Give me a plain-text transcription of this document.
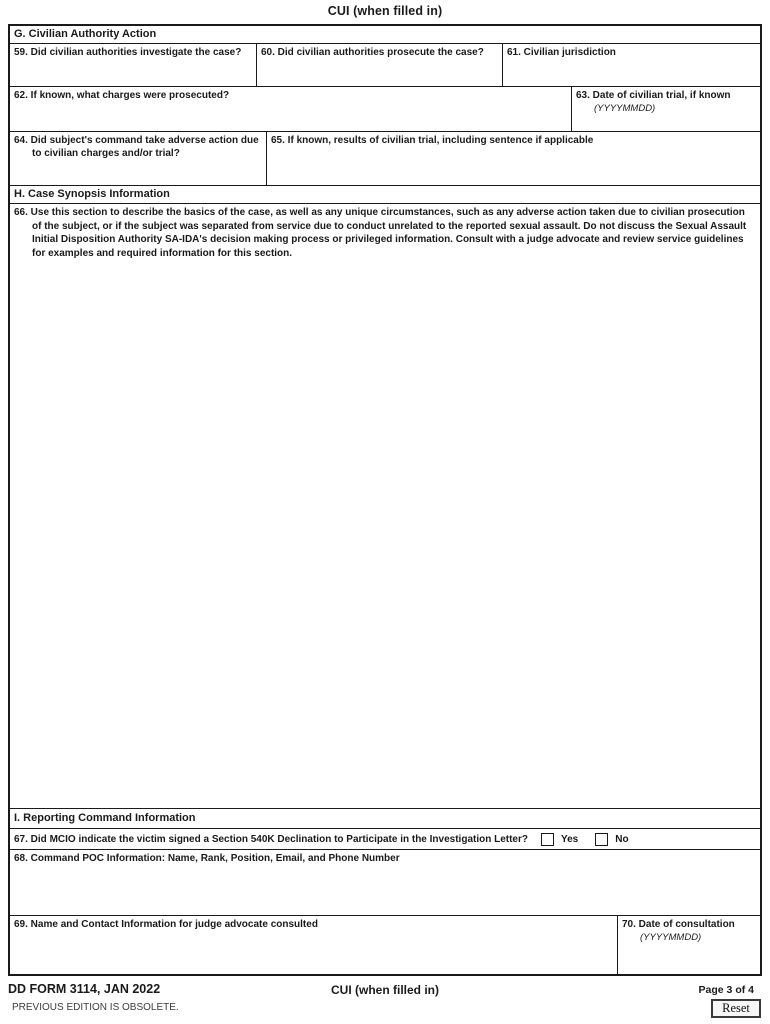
CUI (when filled in)
G. Civilian Authority Action
59. Did civilian authorities investigate the case?	60. Did civilian authorities prosecute the case?	61. Civilian jurisdiction
62. If known, what charges were prosecuted?	63. Date of civilian trial, if known
(YYYYMMDD)
64. Did subject's command take adverse action due to civilian charges and/or trial?
65. If known, results of civilian trial, including sentence if applicable
H. Case Synopsis Information
66. Use this section to describe the basics of the case, as well as any unique circumstances, such as any adverse action taken due to civilian prosecution of the subject, or if the subject was separated from service due to conduct unrelated to the reported sexual assault. Do not discuss the Sexual Assault Initial Disposition Authority SA-IDA's decision making process or privileged information. Consult with a judge advocate and review service guidelines for examples and required information for this section.
I. Reporting Command Information
67. Did MCIO indicate the victim signed a Section 540K Declination to Participate in the Investigation Letter?	Yes	No
68. Command POC Information: Name, Rank, Position, Email, and Phone Number
69. Name and Contact Information for judge advocate consulted	70. Date of consultation
(YYYYMMDD)
DD FORM 3114, JAN 2022	CUI (when filled in)	Page 3 of 4
PREVIOUS EDITION IS OBSOLETE.	Reset
